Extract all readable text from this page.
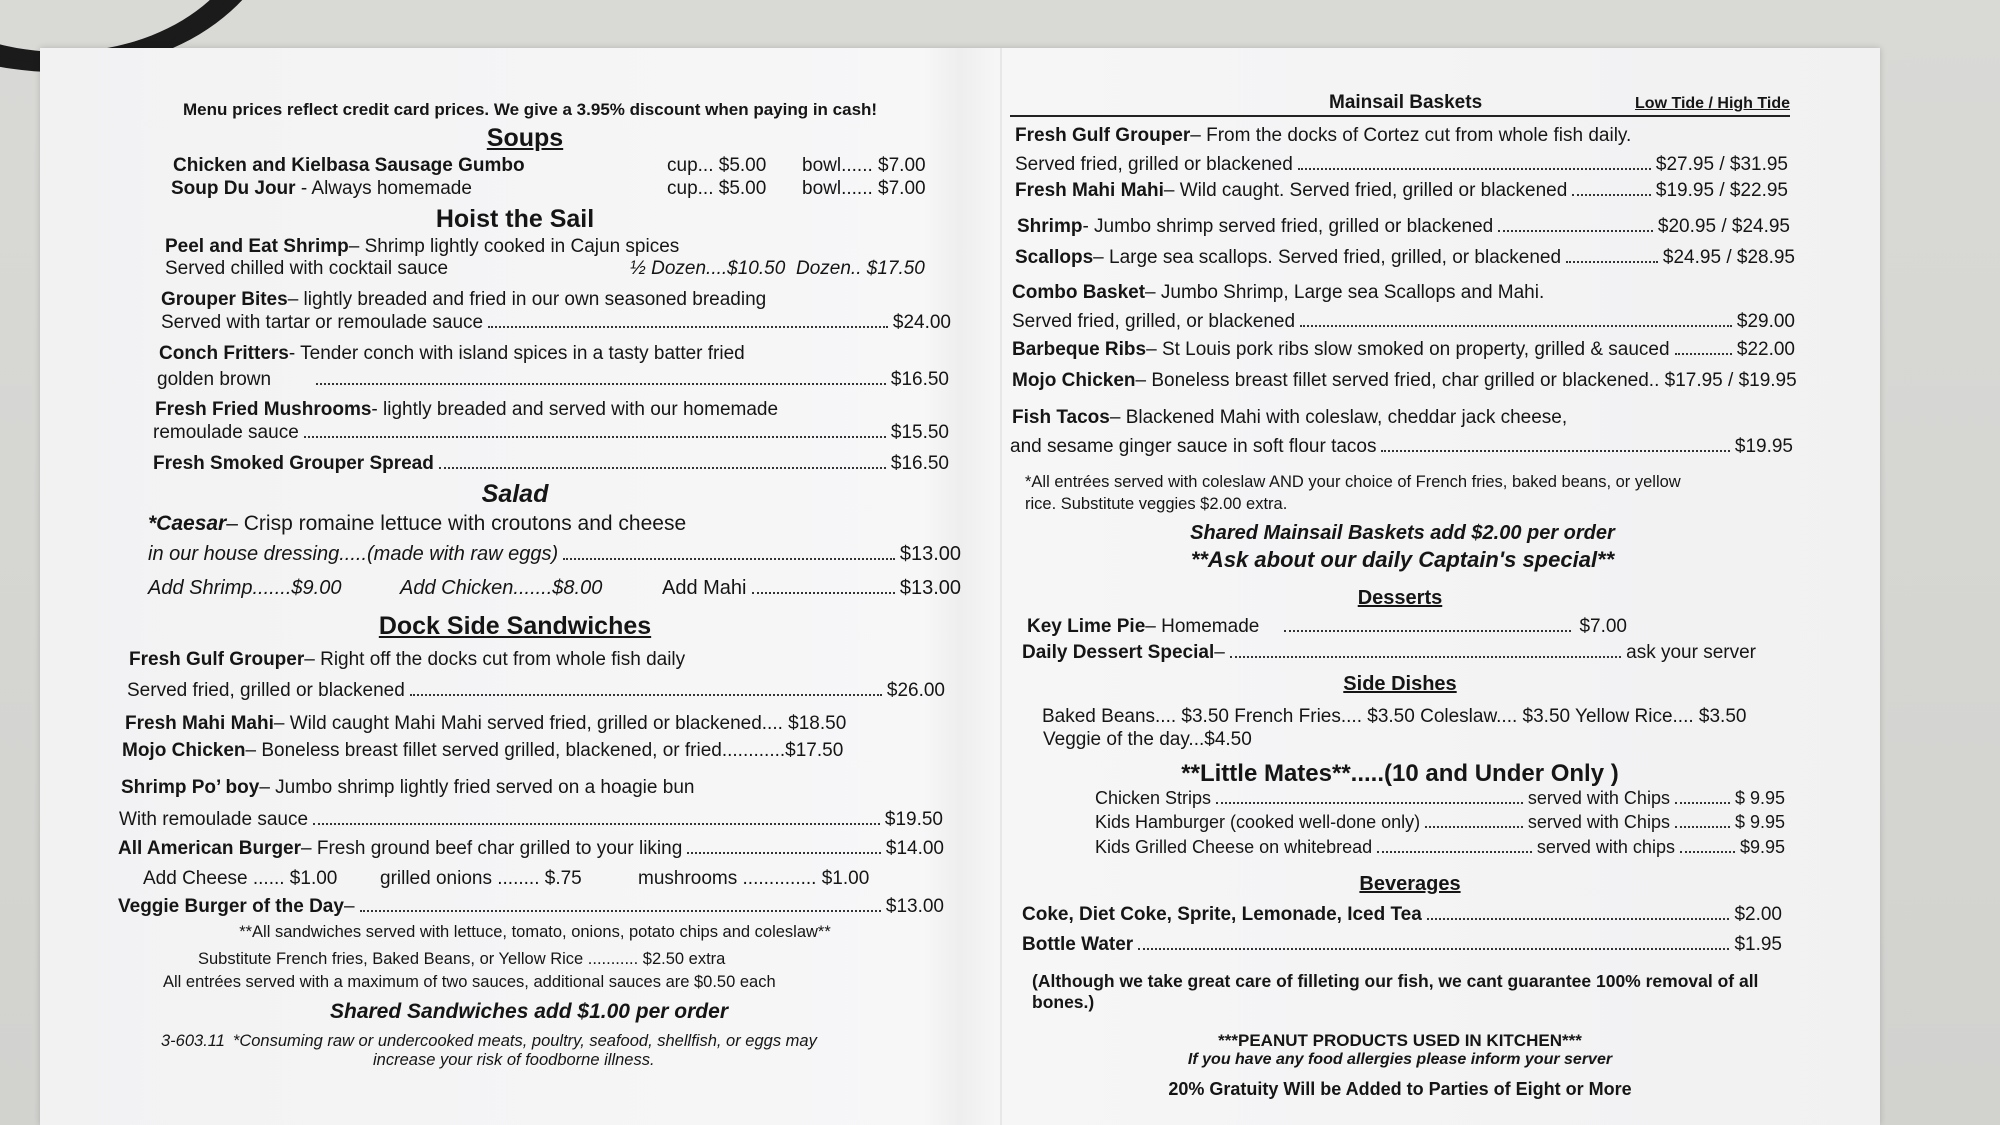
Menu prices reflect credit card prices. We give a 3.95% discount when paying in cash!
Soups
Chicken and Kielbasa Sausage Gumbo	cup... $5.00	bowl...... $7.00
Soup Du Jour - Always homemade	cup... $5.00	bowl...... $7.00
Hoist the Sail
Peel and Eat Shrimp – Shrimp lightly cooked in Cajun spices
Served chilled with cocktail sauce	½ Dozen....$10.50 Dozen.. $17.50
Grouper Bites – lightly breaded and fried in our own seasoned breading
Served with tartar or remoulade sauce	$24.00
Conch Fritters - Tender conch with island spices in a tasty batter fried
golden brown	$16.50
Fresh Fried Mushrooms - lightly breaded and served with our homemade
remoulade sauce	$15.50
Fresh Smoked Grouper Spread	$16.50
Salad
*Caesar – Crisp romaine lettuce with croutons and cheese
in our house dressing.....(made with raw eggs)	$13.00
Add Shrimp.......$9.00	Add Chicken.......$8.00	Add Mahi	$13.00
Dock Side Sandwiches
Fresh Gulf Grouper – Right off the docks cut from whole fish daily
Served fried, grilled or blackened	$26.00
Fresh Mahi Mahi – Wild caught Mahi Mahi served fried, grilled or blackened.... $18.50
Mojo Chicken – Boneless breast fillet served grilled, blackened, or fried............$17.50
Shrimp Po’ boy – Jumbo shrimp lightly fried served on a hoagie bun
With remoulade sauce	$19.50
All American Burger – Fresh ground beef char grilled to your liking	$14.00
Add Cheese ...... $1.00	grilled onions ........ $.75	mushrooms .............. $1.00
Veggie Burger of the Day –	$13.00
**All sandwiches served with lettuce, tomato, onions, potato chips and coleslaw**
Substitute French fries, Baked Beans, or Yellow Rice ........... $2.50 extra
All entrées served with a maximum of two sauces, additional sauces are $0.50 each
Shared Sandwiches add $1.00 per order
3-603.11 *Consuming raw or undercooked meats, poultry, seafood, shellfish, or eggs may
increase your risk of foodborne illness.
Mainsail Baskets	Low Tide / High Tide
Fresh Gulf Grouper – From the docks of Cortez cut from whole fish daily.
Served fried, grilled or blackened	$27.95 / $31.95
Fresh Mahi Mahi – Wild caught. Served fried, grilled or blackened	$19.95 / $22.95
Shrimp - Jumbo shrimp served fried, grilled or blackened	$20.95 / $24.95
Scallops – Large sea scallops. Served fried, grilled, or blackened	$24.95 / $28.95
Combo Basket – Jumbo Shrimp, Large sea Scallops and Mahi.
Served fried, grilled, or blackened	$29.00
Barbeque Ribs – St Louis pork ribs slow smoked on property, grilled & sauced	$22.00
Mojo Chicken – Boneless breast fillet served fried, char grilled or blackened.. $17.95 / $19.95
Fish Tacos – Blackened Mahi with coleslaw, cheddar jack cheese,
and sesame ginger sauce in soft flour tacos	$19.95
*All entrées served with coleslaw AND your choice of French fries, baked beans, or yellow
rice. Substitute veggies $2.00 extra.
Shared Mainsail Baskets add $2.00 per order
**Ask about our daily Captain's special**
Desserts
Key Lime Pie – Homemade	$7.00
Daily Dessert Special –	ask your server
Side Dishes
Baked Beans.... $3.50 French Fries.... $3.50 Coleslaw.... $3.50 Yellow Rice.... $3.50
Veggie of the day...$4.50
**Little Mates**.....(10 and Under Only )
Chicken Strips	served with Chips	$ 9.95
Kids Hamburger (cooked well-done only)	served with Chips	$ 9.95
Kids Grilled Cheese on whitebread	served with chips	$9.95
Beverages
Coke, Diet Coke, Sprite, Lemonade, Iced Tea	$2.00
Bottle Water	$1.95
(Although we take great care of filleting our fish, we cant guarantee 100% removal of all bones.)
***PEANUT PRODUCTS USED IN KITCHEN***
If you have any food allergies please inform your server
20% Gratuity Will be Added to Parties of Eight or More
